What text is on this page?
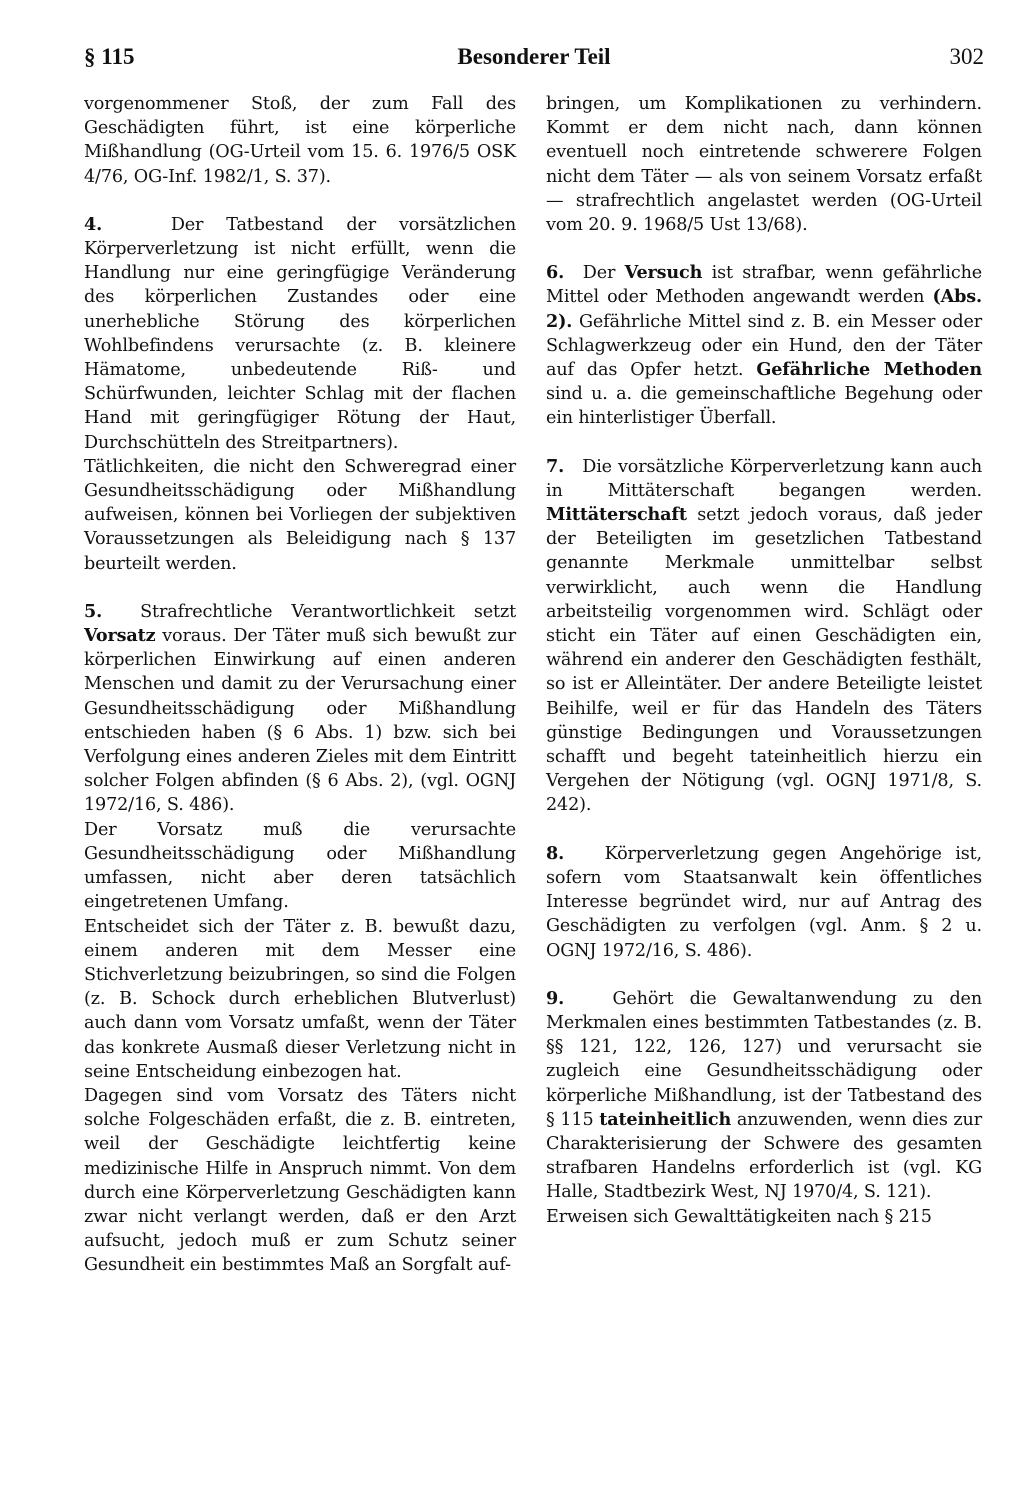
§ 115	Besonderer Teil	302

vorgenommener Stoß, der zum Fall des Geschädigten führt, ist eine körperliche Mißhandlung (OG-Urteil vom 15. 6. 1976/5 OSK 4/76, OG-Inf. 1982/1, S. 37).

4.	Der Tatbestand der vorsätzlichen Körperverletzung ist nicht erfüllt, wenn die Handlung nur eine geringfügige Veränderung des körperlichen Zustandes oder eine unerhebliche Störung des körperlichen Wohlbefindens verursachte (z. B. kleinere Hämatome, unbedeutende Riß- und Schürfwunden, leichter Schlag mit der flachen Hand mit geringfügiger Rötung der Haut, Durchschütteln des Streitpartners).

Tätlichkeiten, die nicht den Schweregrad einer Gesundheitsschädigung oder Mißhandlung aufweisen, können bei Vorliegen der subjektiven Voraussetzungen als Beleidigung nach § 137 beurteilt werden.

5. Strafrechtliche Verantwortlichkeit setzt Vorsatz voraus. Der Täter muß sich bewußt zur körperlichen Einwirkung auf einen anderen Menschen und damit zu der Verursachung einer Gesundheitsschädigung oder Mißhandlung entschieden haben (§ 6 Abs. 1) bzw. sich bei Verfolgung eines anderen Zieles mit dem Eintritt solcher Folgen abfinden (§ 6 Abs. 2), (vgl. OGNJ 1972/16, S. 486).

Der Vorsatz muß die verursachte Gesundheitsschädigung oder Mißhandlung umfassen, nicht aber deren tatsächlich eingetretenen Umfang.

Entscheidet sich der Täter z. B. bewußt dazu, einem anderen mit dem Messer eine Stichverletzung beizubringen, so sind die Folgen (z. B. Schock durch erheblichen Blutverlust) auch dann vom Vorsatz umfaßt, wenn der Täter das konkrete Ausmaß dieser Verletzung nicht in seine Entscheidung einbezogen hat.

Dagegen sind vom Vorsatz des Täters nicht solche Folgeschäden erfaßt, die z. B. eintreten, weil der Geschädigte leichtfertig keine medizinische Hilfe in Anspruch nimmt. Von dem durch eine Körperverletzung Geschädigten kann zwar nicht verlangt werden, daß er den Arzt aufsucht, jedoch muß er zum Schutz seiner Gesundheit ein bestimmtes Maß an Sorgfalt auf-

bringen, um Komplikationen zu verhindern. Kommt er dem nicht nach, dann können eventuell noch eintretende schwerere Folgen nicht dem Täter — als von seinem Vorsatz erfaßt — strafrechtlich angelastet werden (OG-Urteil vom 20. 9. 1968/5 Ust 13/68).

6. Der Versuch ist strafbar, wenn gefährliche Mittel oder Methoden angewandt werden (Abs. 2). Gefährliche Mittel sind z. B. ein Messer oder Schlagwerkzeug oder ein Hund, den der Täter auf das Opfer hetzt. Gefährliche Methoden sind u. a. die gemeinschaftliche Begehung oder ein hinterlistiger Überfall.

7. Die vorsätzliche Körperverletzung kann auch in Mittäterschaft begangen werden. Mittäterschaft setzt jedoch voraus, daß jeder der Beteiligten im gesetzlichen Tatbestand genannte Merkmale unmittelbar selbst verwirklicht, auch wenn die Handlung arbeitsteilig vorgenommen wird. Schlägt oder sticht ein Täter auf einen Geschädigten ein, während ein anderer den Geschädigten festhält, so ist er Alleintäter. Der andere Beteiligte leistet Beihilfe, weil er für das Handeln des Täters günstige Bedingungen und Voraussetzungen schafft und begeht tateinheitlich hierzu ein Vergehen der Nötigung (vgl. OGNJ 1971/8, S. 242).

8. Körperverletzung gegen Angehörige ist, sofern vom Staatsanwalt kein öffentliches Interesse begründet wird, nur auf Antrag des Geschädigten zu verfolgen (vgl. Anm. § 2 u. OGNJ 1972/16, S. 486).

9.	Gehört die Gewaltanwendung zu den Merkmalen eines bestimmten Tatbestandes (z. B. §§ 121, 122, 126, 127) und verursacht sie zugleich eine Gesundheitsschädigung oder körperliche Mißhandlung, ist der Tatbestand des § 115 tateinheitlich anzuwenden, wenn dies zur Charakterisierung der Schwere des gesamten strafbaren Handelns erforderlich ist (vgl. KG Halle, Stadtbezirk West, NJ 1970/4, S. 121).

Erweisen sich Gewalttätigkeiten nach § 215
